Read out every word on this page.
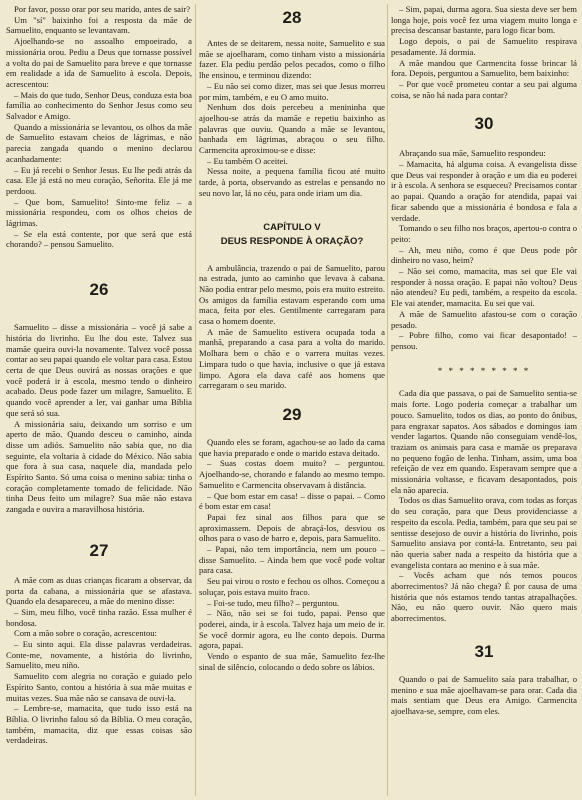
Por favor, posso orar por seu marido, antes de sair?

Um "sí" baixinho foi a resposta da mãe de Samuelito, enquanto se levantavam.

Ajoelhando-se no assoalho empoeirado, a missionária orou. Pediu a Deus que tornasse possível a volta do pai de Samuelito para breve e que tornasse em realidade a ida de Samuelito à escola. Depois, acrescentou:

– Mais do que tudo, Senhor Deus, conduza esta boa família ao conhecimento do Senhor Jesus como seu Salvador e Amigo.

Quando a missionária se levantou, os olhos da mãe de Samuelito estavam cheios de lágrimas, e não parecia zangada quando o menino declarou acanhadamente:

– Eu já recebi o Senhor Jesus. Eu lhe pedi atrás da casa. Ele já está no meu coração, Señorita. Ele já me perdoou.

– Que bom, Samuelito! Sinto-me feliz – a missionária respondeu, com os olhos cheios de lágrimas.

– Se ela está contente, por que será que está chorando? – pensou Samuelito.

26

Samuelito – disse a missionária – você já sabe a história do livrinho. Eu lhe dou este. Talvez sua mamãe queira ouvi-la novamente. Talvez você possa contar ao seu papai quando ele voltar para casa. Estou certa de que Deus ouvirá as nossas orações e que você poderá ir à escola, mesmo tendo o dinheiro acabado. Deus pode fazer um milagre, Samuelito. E quando você aprender a ler, vai ganhar uma Bíblia que será só sua.

A missionária saiu, deixando um sorriso e um aperto de mão. Quando desceu o caminho, ainda disse um adiós. Samuelito não sabia que, no dia seguinte, ela voltaria à cidade do México. Não sabia que fora à sua casa, naquele dia, mandada pelo Espírito Santo. Só uma coisa o menino sabia: tinha o coração completamente tomado de felicidade. Não tinha Deus feito um milagre? Sua mãe não estava zangada e ouvira a maravilhosa história.

27

A mãe com as duas crianças ficaram a observar, da porta da cabana, a missionária que se afastava. Quando ela desapareceu, a mãe do menino disse:

– Sim, meu filho, você tinha razão. Essa mulher é bondosa.

Com a mão sobre o coração, acrescentou:

– Eu sinto aqui. Ela disse palavras verdadeiras. Conte-me, novamente, a história do livrinho, Samuelito, meu niño.

Samuelito com alegria no coração e guiado pelo Espírito Santo, contou a história à sua mãe muitas e muitas vezes. Sua mãe não se cansava de ouvi-la.

– Lembre-se, mamacita, que tudo isso está na Bíblia. O livrinho falou só da Bíblia. O meu coração, também, mamacita, diz que essas coisas são verdadeiras.

28

Antes de se deitarem, nessa noite, Samuelito e sua mãe se ajoelharam, como tinham visto a missionária fazer. Ela pediu perdão pelos pecados, como o filho lhe ensinou, e terminou dizendo:

– Eu não sei como dizer, mas sei que Jesus morreu por mim, também, e eu O amo muito.

Nenhum dos dois percebeu a menininha que ajoelhou-se atrás da mamãe e repetiu baixinho as palavras que ouviu. Quando a mãe se levantou, banhada em lágrimas, abraçou o seu filho. Carmencita aproximou-se e disse:

– Eu também O aceitei.

Nessa noite, a pequena família ficou até muito tarde, à porta, observando as estrelas e pensando no seu novo lar, lá no céu, para onde iriam um dia.

CAPÍTULO V
DEUS RESPONDE À ORAÇÃO?

A ambulância, trazendo o pai de Samuelito, parou na estrada, junto ao caminho que levava à cabana. Não podia entrar pelo mesmo, pois era muito estreito. Os amigos da família estavam esperando com uma maca, feita por eles. Gentilmente carregaram para casa o homem doente.

A mãe de Samuelito estivera ocupada toda a manhã, preparando a casa para a volta do marido. Molhara bem o chão e o varrera muitas vezes. Limpara tudo o que havia, inclusive o que já estava limpo. Agora ela dava café aos homens que carregaram o seu marido.

29

Quando eles se foram, agachou-se ao lado da cama que havia preparado e onde o marido estava deitado.

– Suas costas doem muito? – perguntou. Ajoelhando-se, chorando e falando ao mesmo tempo. Samuelito e Carmencita observavam à distância.

– Que bom estar em casa! – disse o papai. – Como é bom estar em casa!

Papai fez sinal aos filhos para que se aproximassem. Depois de abraçá-los, desviou os olhos para o vaso de barro e, depois, para Samuelito.

– Papai, não tem importância, nem um pouco – disse Samuelito. – Ainda bem que você pode voltar para casa.

Seu pai virou o rosto e fechou os olhos. Começou a soluçar, pois estava muito fraco.

– Foi-se tudo, meu filho? – perguntou.

– Não, não sei se foi tudo, papai. Penso que poderei, ainda, ir à escola. Talvez haja um meio de ir. Se você dormir agora, eu lhe conto depois. Durma agora, papai.

Vendo o espanto de sua mãe, Samuelito fez-lhe sinal de silêncio, colocando o dedo sobre os lábios.

– Sim, papai, durma agora. Sua siesta deve ser bem longa hoje, pois você fez uma viagem muito longa e precisa descansar bastante, para logo ficar bom.

Logo depois, o pai de Samuelito respirava pesadamente. Já dormia.

A mãe mandou que Carmencita fosse brincar lá fora. Depois, perguntou a Samuelito, bem baixinho:

– Por que você prometeu contar a seu pai alguma coisa, se não há nada para contar?

30

Abraçando sua mãe, Samuelito respondeu:

– Mamacita, há alguma coisa. A evangelista disse que Deus vai responder à oração e um dia eu poderei ir à escola. A senhora se esqueceu? Precisamos contar ao papai. Quando a oração for atendida, papai vai ficar sabendo que a missionária é bondosa e fala a verdade.

Tomando o seu filho nos braços, apertou-o contra o peito:

– Ah, meu niño, como é que Deus pode pôr dinheiro no vaso, heim?

– Não sei como, mamacita, mas sei que Ele vai responder à nossa oração. E papai não voltou? Deus não atendeu? Eu pedi, também, a respeito da escola. Ele vai atender, mamacita. Eu sei que vai.

A mãe de Samuelito afastou-se com o coração pesado.

– Pobre filho, como vai ficar desapontado! – pensou.

* * * * * * * * *

Cada dia que passava, o pai de Samuelito sentia-se mais forte. Logo poderia começar a trabalhar um pouco. Samuelito, todos os dias, ao ponto do ônibus, para engraxar sapatos. Aos sábados e domingos iam vender lagartos. Quando não conseguiam vendê-los, traziam os animais para casa e mamãe os preparava no pequeno fogão de lenha. Tinham, assim, uma boa refeição de vez em quando. Esperavam sempre que a missionária voltasse, e ficavam desapontados, pois ela não aparecia.

Todos os dias Samuelito orava, com todas as forças do seu coração, para que Deus providenciasse a respeito da escola. Pedia, também, para que seu pai se sentisse desejoso de ouvir a história do livrinho, pois Samuelito ansiava por contá-la. Entretanto, seu pai não queria saber nada a respeito da história que a evangelista contara ao menino e à sua mãe.

– Vocês acham que nós temos poucos aborrecimentos? Já não chega? É por causa de uma história que nós estamos tendo tantas atrapalhações. Não, eu não quero ouvir. Não quero mais aborrecimentos.

31

Quando o pai de Samuelito saía para trabalhar, o menino e sua mãe ajoelhavam-se para orar. Cada dia mais sentiam que Deus era Amigo. Carmencita ajoelhava-se, sempre, com eles.
